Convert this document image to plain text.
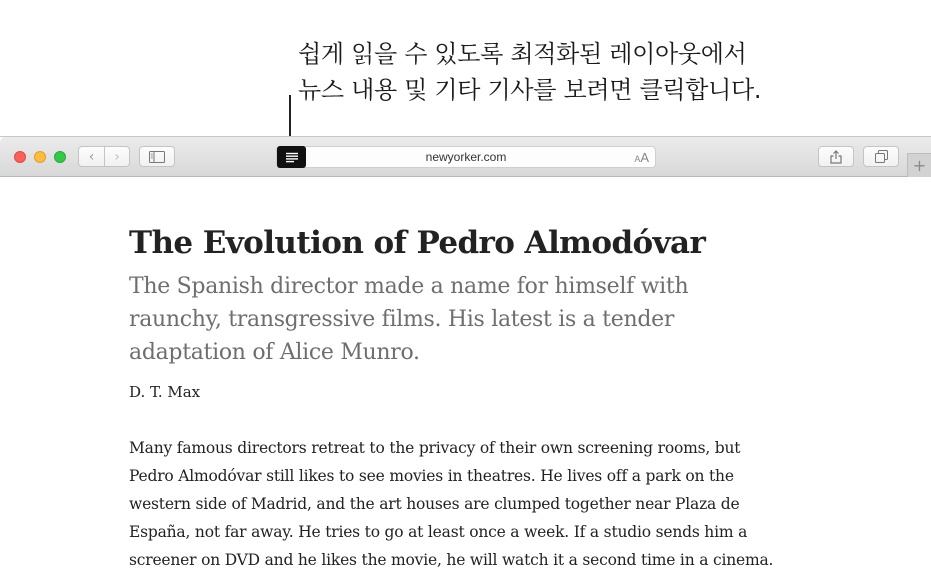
쉽게 읽을 수 있도록 최적화된 레이아웃에서
뉴스 내용 및 기타 기사를 보려면 클릭합니다.
‹ ›	newyorker.com	AA	+
The Evolution of Pedro Almodóvar
The Spanish director made a name for himself with
raunchy, transgressive films. His latest is a tender
adaptation of Alice Munro.
D. T. Max
Many famous directors retreat to the privacy of their own screening rooms, but
Pedro Almodóvar still likes to see movies in theatres. He lives off a park on the
western side of Madrid, and the art houses are clumped together near Plaza de
España, not far away. He tries to go at least once a week. If a studio sends him a
screener on DVD and he likes the movie, he will watch it a second time in a cinema.
